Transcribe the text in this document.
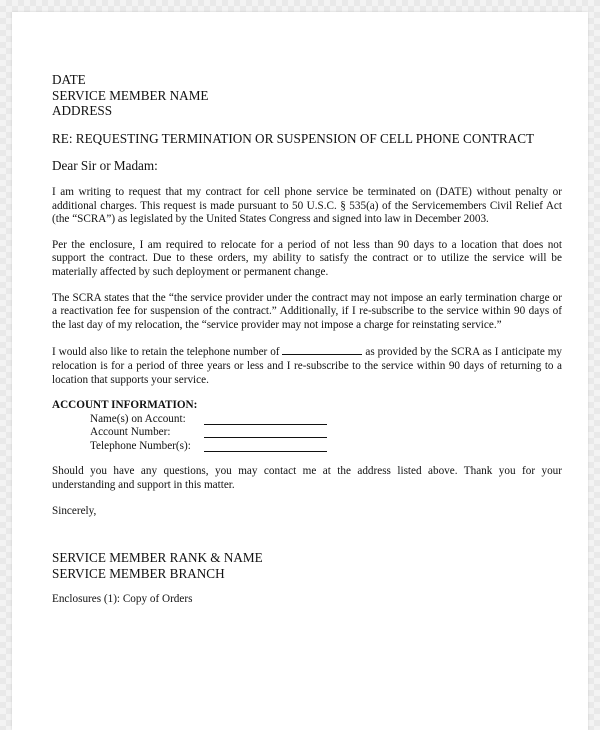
DATE
SERVICE MEMBER NAME
ADDRESS
RE: REQUESTING TERMINATION OR SUSPENSION OF CELL PHONE CONTRACT
Dear Sir or Madam:

I am writing to request that my contract for cell phone service be terminated on (DATE) without penalty or additional charges. This request is made pursuant to 50 U.S.C. § 535(a) of the Servicemembers Civil Relief Act (the “SCRA”) as legislated by the United States Congress and signed into law in December 2003.

Per the enclosure, I am required to relocate for a period of not less than 90 days to a location that does not support the contract. Due to these orders, my ability to satisfy the contract or to utilize the service will be materially affected by such deployment or permanent change.

The SCRA states that the “the service provider under the contract may not impose an early termination charge or a reactivation fee for suspension of the contract.” Additionally, if I re-subscribe to the service within 90 days of the last day of my relocation, the “service provider may not impose a charge for reinstating service.”

I would also like to retain the telephone number of	as provided by the SCRA as I anticipate my relocation is for a period of three years or less and I re-subscribe to the service within 90 days of returning to a location that supports your service.

ACCOUNT INFORMATION:
Name(s) on Account:
Account Number:
Telephone Number(s):

Should you have any questions, you may contact me at the address listed above. Thank you for your understanding and support in this matter.

Sincerely,
SERVICE MEMBER RANK & NAME
SERVICE MEMBER BRANCH
Enclosures (1): Copy of Orders
